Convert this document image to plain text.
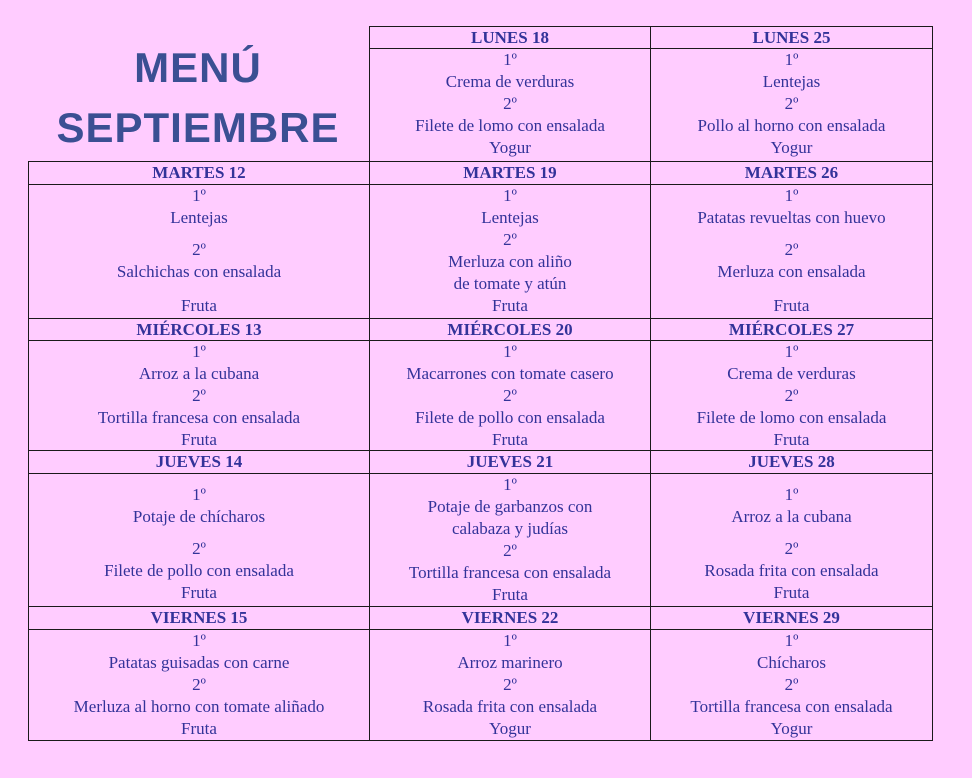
MENÚ
SEPTIEMBRE
LUNES 18
1º
Crema de verduras
2º
Filete de lomo con ensalada
Yogur
LUNES 25
1º
Lentejas
2º
Pollo al horno con ensalada
Yogur
MARTES 12
1º
Lentejas
2º
Salchichas con ensalada
Fruta
MARTES 19
1º
Lentejas
2º
Merluza con aliño
de tomate y atún
Fruta
MARTES 26
1º
Patatas revueltas con huevo
2º
Merluza con ensalada
Fruta
MIÉRCOLES 13
1º
Arroz a la cubana
2º
Tortilla francesa con ensalada
Fruta
MIÉRCOLES 20
1º
Macarrones con tomate casero
2º
Filete de pollo con ensalada
Fruta
MIÉRCOLES 27
1º
Crema de verduras
2º
Filete de lomo con ensalada
Fruta
JUEVES 14
1º
Potaje de chícharos
2º
Filete de pollo con ensalada
Fruta
JUEVES 21
1º
Potaje de garbanzos con
calabaza y judías
2º
Tortilla francesa con ensalada
Fruta
JUEVES 28
1º
Arroz a la cubana
2º
Rosada frita con ensalada
Fruta
VIERNES 15
1º
Patatas guisadas con carne
2º
Merluza al horno con tomate aliñado
Fruta
VIERNES 22
1º
Arroz marinero
2º
Rosada frita con ensalada
Yogur
VIERNES 29
1º
Chícharos
2º
Tortilla francesa con ensalada
Yogur
